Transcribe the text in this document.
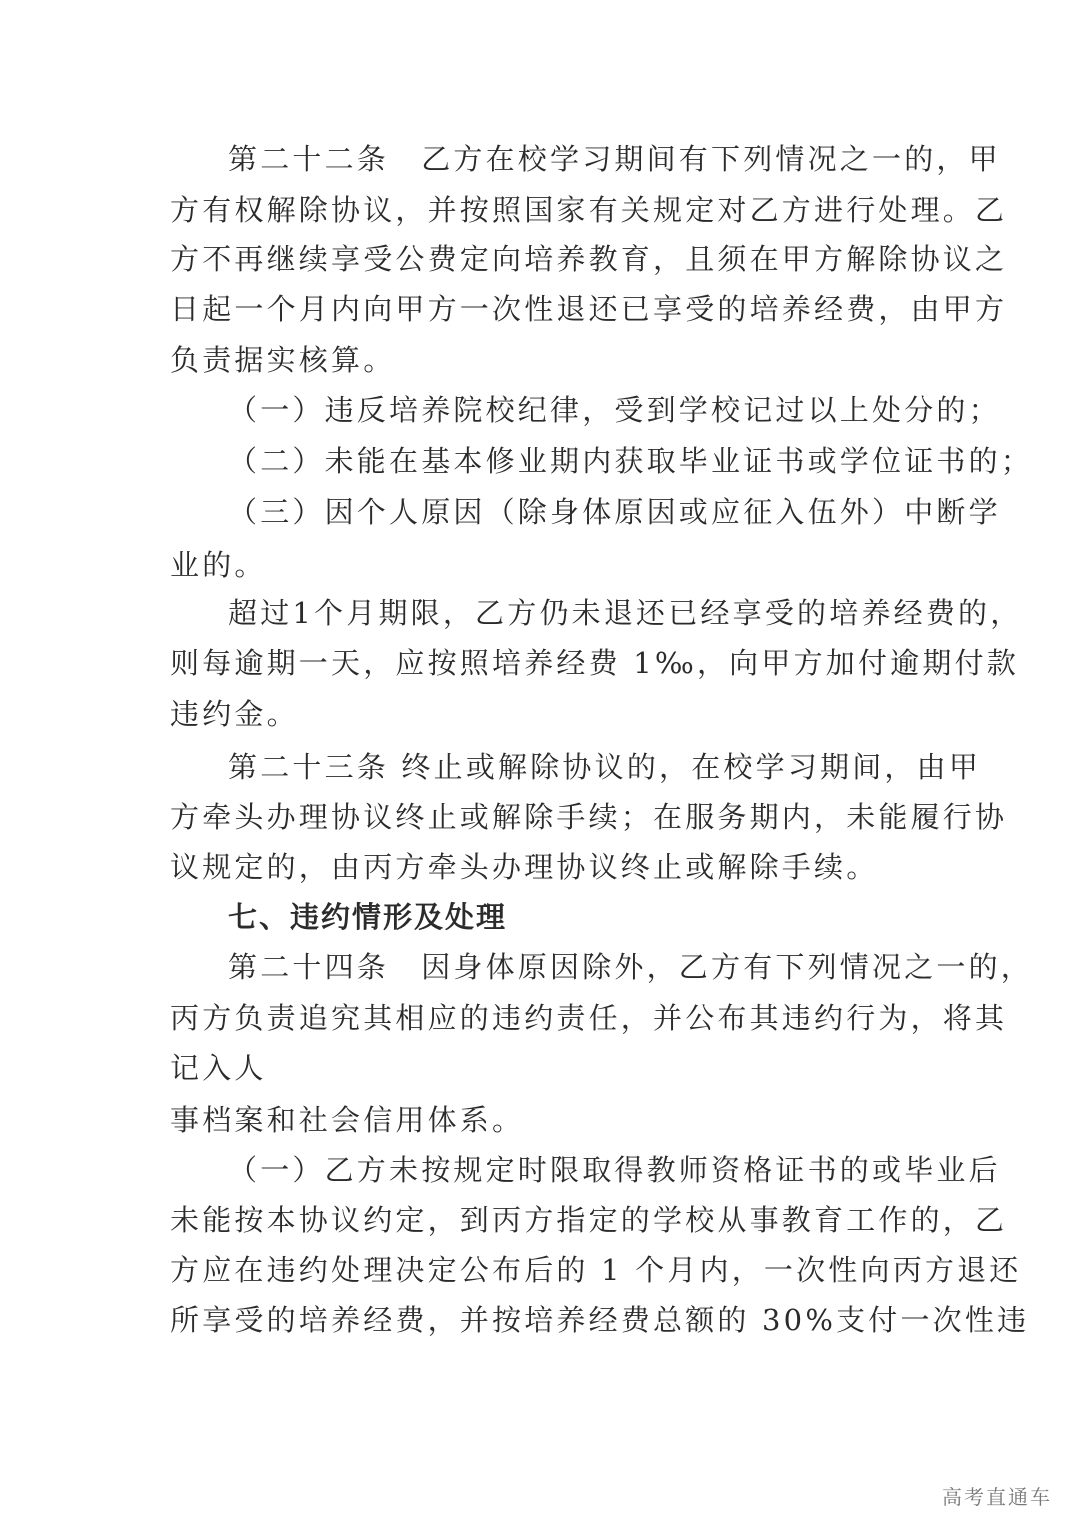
第二十二条　乙方在校学习期间有下列情况之一的，甲
方有权解除协议，并按照国家有关规定对乙方进行处理。乙
方不再继续享受公费定向培养教育，且须在甲方解除协议之
日起一个月内向甲方一次性退还已享受的培养经费，由甲方
负责据实核算。
（一）违反培养院校纪律，受到学校记过以上处分的；
（二）未能在基本修业期内获取毕业证书或学位证书的；
（三）因个人原因（除身体原因或应征入伍外）中断学
业的。
超过1个月期限，乙方仍未退还已经享受的培养经费的，
则每逾期一天，应按照培养经费 1‰，向甲方加付逾期付款
违约金。
第二十三条 终止或解除协议的，在校学习期间，由甲
方牵头办理协议终止或解除手续；在服务期内，未能履行协
议规定的，由丙方牵头办理协议终止或解除手续。
七、违约情形及处理
第二十四条　因身体原因除外，乙方有下列情况之一的，
丙方负责追究其相应的违约责任，并公布其违约行为，将其
记入人
事档案和社会信用体系。
（一）乙方未按规定时限取得教师资格证书的或毕业后
未能按本协议约定，到丙方指定的学校从事教育工作的，乙
方应在违约处理决定公布后的 1 个月内，一次性向丙方退还
所享受的培养经费，并按培养经费总额的 30%支付一次性违
高考直通车
